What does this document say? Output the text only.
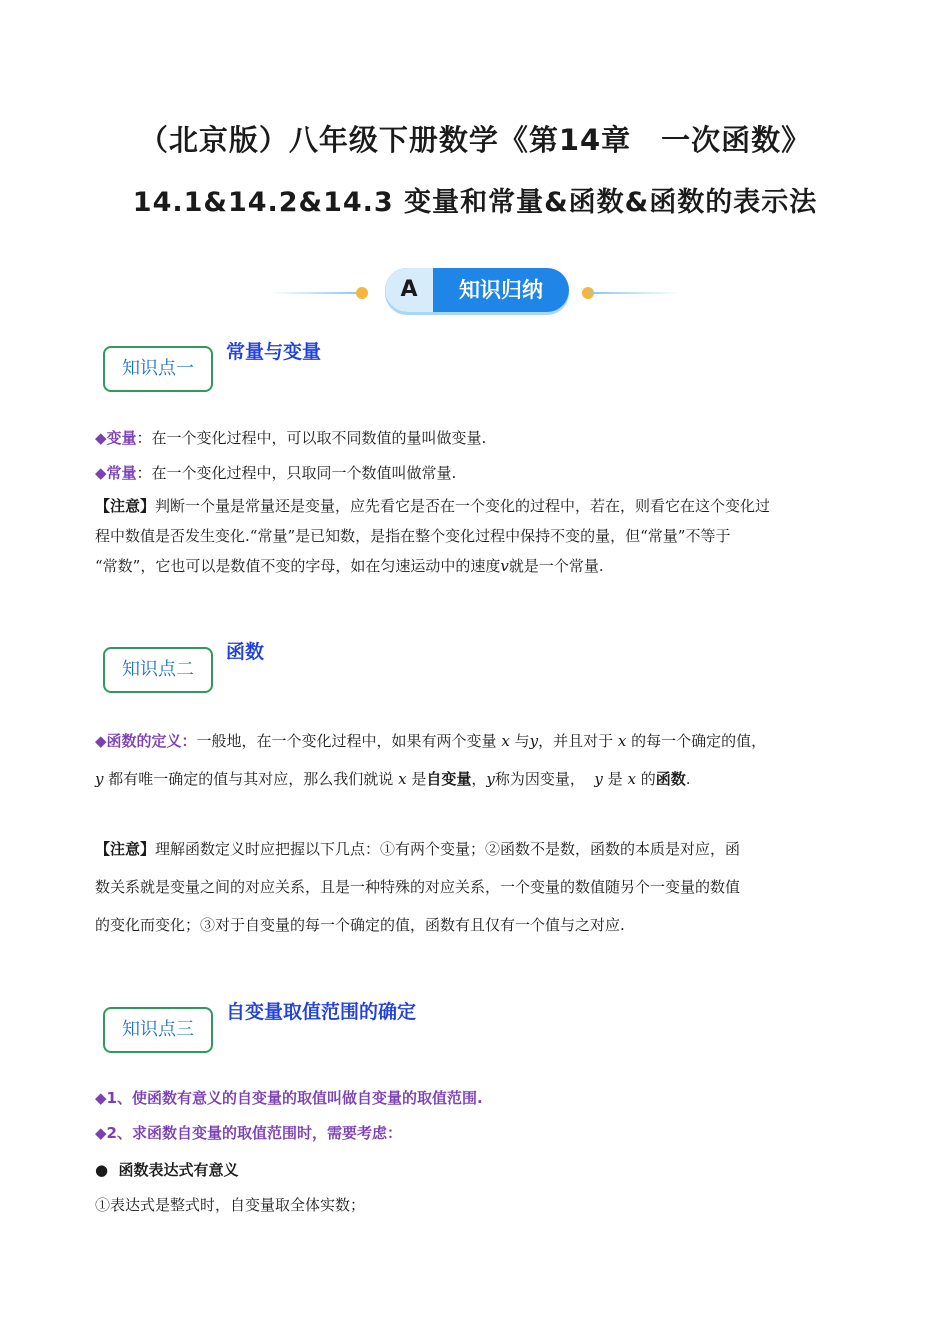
（北京版）八年级下册数学《第14章　一次函数》
14.1&14.2&14.3 变量和常量&函数&函数的表示法
A	知识归纳
知识点一
常量与变量
◆变量：在一个变化过程中，可以取不同数值的量叫做变量.
◆常量：在一个变化过程中，只取同一个数值叫做常量.
【注意】判断一个量是常量还是变量，应先看它是否在一个变化的过程中，若在，则看它在这个变化过
程中数值是否发生变化.“常量”是已知数，是指在整个变化过程中保持不变的量，但“常量”不等于
“常数”，它也可以是数值不变的字母，如在匀速运动中的速度v就是一个常量.
知识点二
函数
◆函数的定义：一般地，在一个变化过程中，如果有两个变量 x 与y，并且对于 x 的每一个确定的值，
y 都有唯一确定的值与其对应，那么我们就说 x 是自变量，y称为因变量， y 是 x 的函数.
【注意】理解函数定义时应把握以下几点：①有两个变量；②函数不是数，函数的本质是对应，函
数关系就是变量之间的对应关系，且是一种特殊的对应关系，一个变量的数值随另个一变量的数值
的变化而变化；③对于自变量的每一个确定的值，函数有且仅有一个值与之对应.
知识点三
自变量取值范围的确定
◆1、使函数有意义的自变量的取值叫做自变量的取值范围.
◆2、求函数自变量的取值范围时，需要考虑：
● 函数表达式有意义
①表达式是整式时，自变量取全体实数；
